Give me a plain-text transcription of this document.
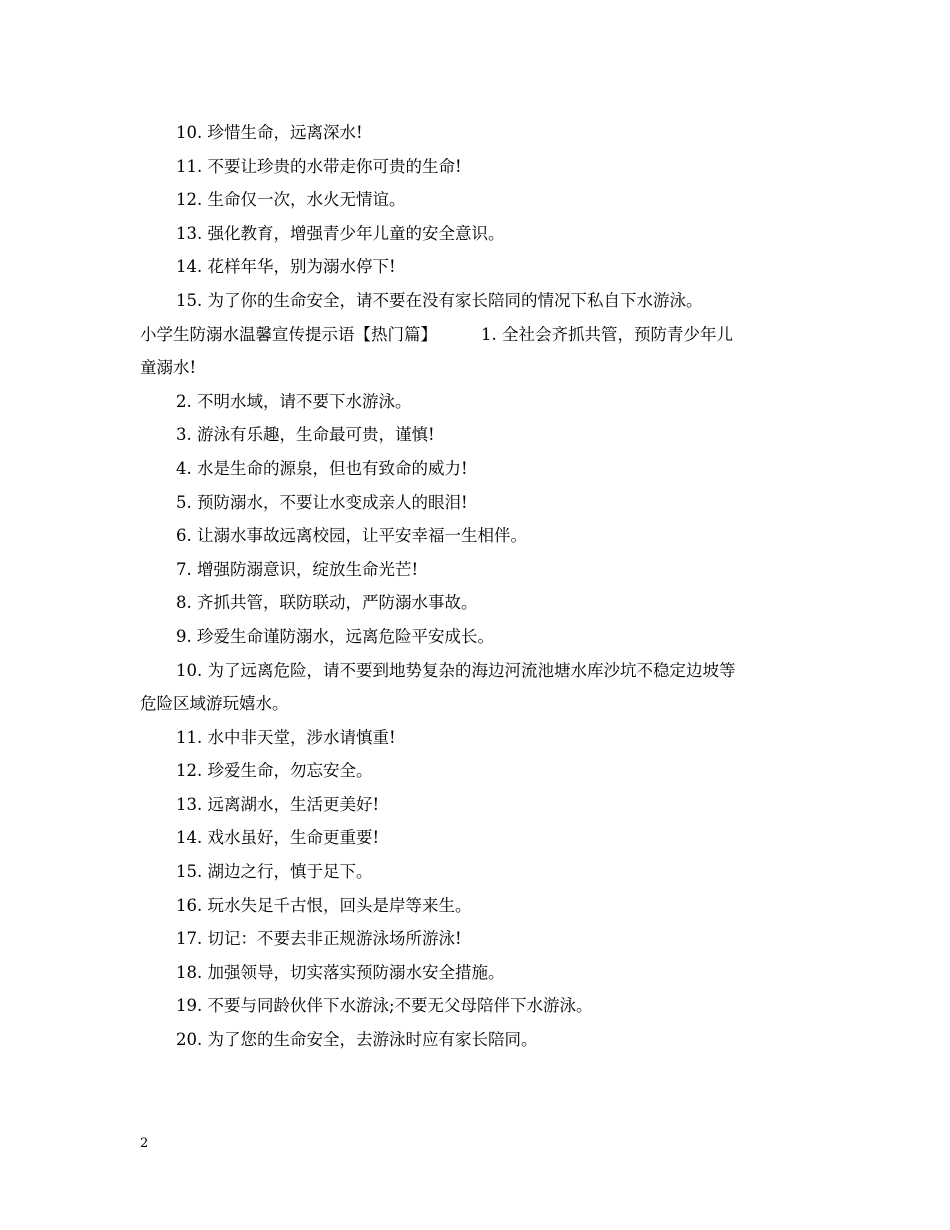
10. 珍惜生命，远离深水!
11. 不要让珍贵的水带走你可贵的生命!
12. 生命仅一次，水火无情谊。
13. 强化教育，增强青少年儿童的安全意识。
14. 花样年华，别为溺水停下!
15. 为了你的生命安全，请不要在没有家长陪同的情况下私自下水游泳。
小学生防溺水温馨宣传提示语【热门篇】	1. 全社会齐抓共管，预防青少年儿
童溺水!
2. 不明水域，请不要下水游泳。
3. 游泳有乐趣，生命最可贵，谨慎!
4. 水是生命的源泉，但也有致命的威力!
5. 预防溺水，不要让水变成亲人的眼泪!
6. 让溺水事故远离校园，让平安幸福一生相伴。
7. 增强防溺意识，绽放生命光芒!
8. 齐抓共管，联防联动，严防溺水事故。
9. 珍爱生命谨防溺水，远离危险平安成长。
10. 为了远离危险，请不要到地势复杂的海边河流池塘水库沙坑不稳定边坡等
危险区域游玩嬉水。
11. 水中非天堂，涉水请慎重!
12. 珍爱生命，勿忘安全。
13. 远离湖水，生活更美好!
14. 戏水虽好，生命更重要!
15. 湖边之行，慎于足下。
16. 玩水失足千古恨，回头是岸等来生。
17. 切记：不要去非正规游泳场所游泳!
18. 加强领导，切实落实预防溺水安全措施。
19. 不要与同龄伙伴下水游泳;不要无父母陪伴下水游泳。
20. 为了您的生命安全，去游泳时应有家长陪同。
2
